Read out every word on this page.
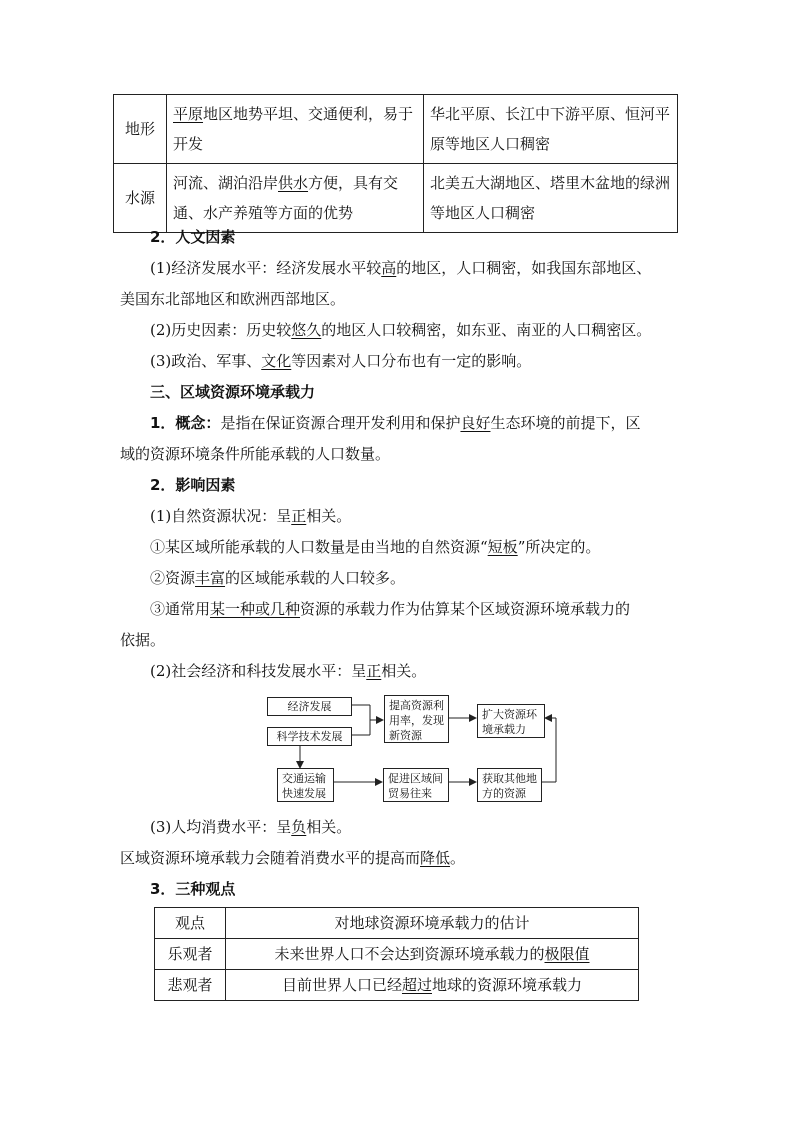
地形	平原地区地势平坦、交通便利，易于开发	华北平原、长江中下游平原、恒河平原等地区人口稠密
水源	河流、湖泊沿岸供水方便，具有交通、水产养殖等方面的优势	北美五大湖地区、塔里木盆地的绿洲等地区人口稠密
2．人文因素
(1)经济发展水平：经济发展水平较高的地区，人口稠密，如我国东部地区、
美国东北部地区和欧洲西部地区。
(2)历史因素：历史较悠久的地区人口较稠密，如东亚、南亚的人口稠密区。
(3)政治、军事、文化等因素对人口分布也有一定的影响。
三、区域资源环境承载力
1．概念：是指在保证资源合理开发利用和保护良好生态环境的前提下，区
域的资源环境条件所能承载的人口数量。
2．影响因素
(1)自然资源状况：呈正相关。
①某区域所能承载的人口数量是由当地的自然资源“短板”所决定的。
②资源丰富的区域能承载的人口较多。
③通常用某一种或几种资源的承载力作为估算某个区域资源环境承载力的
依据。
(2)社会经济和科技发展水平：呈正相关。
经济发展
科学技术发展
提高资源利用率，发现新资源
扩大资源环境承载力
交通运输快速发展
促进区域间贸易往来
获取其他地方的资源
(3)人均消费水平：呈负相关。
区域资源环境承载力会随着消费水平的提高而降低。
3．三种观点
观点	对地球资源环境承载力的估计
乐观者	未来世界人口不会达到资源环境承载力的极限值
悲观者	目前世界人口已经超过地球的资源环境承载力
